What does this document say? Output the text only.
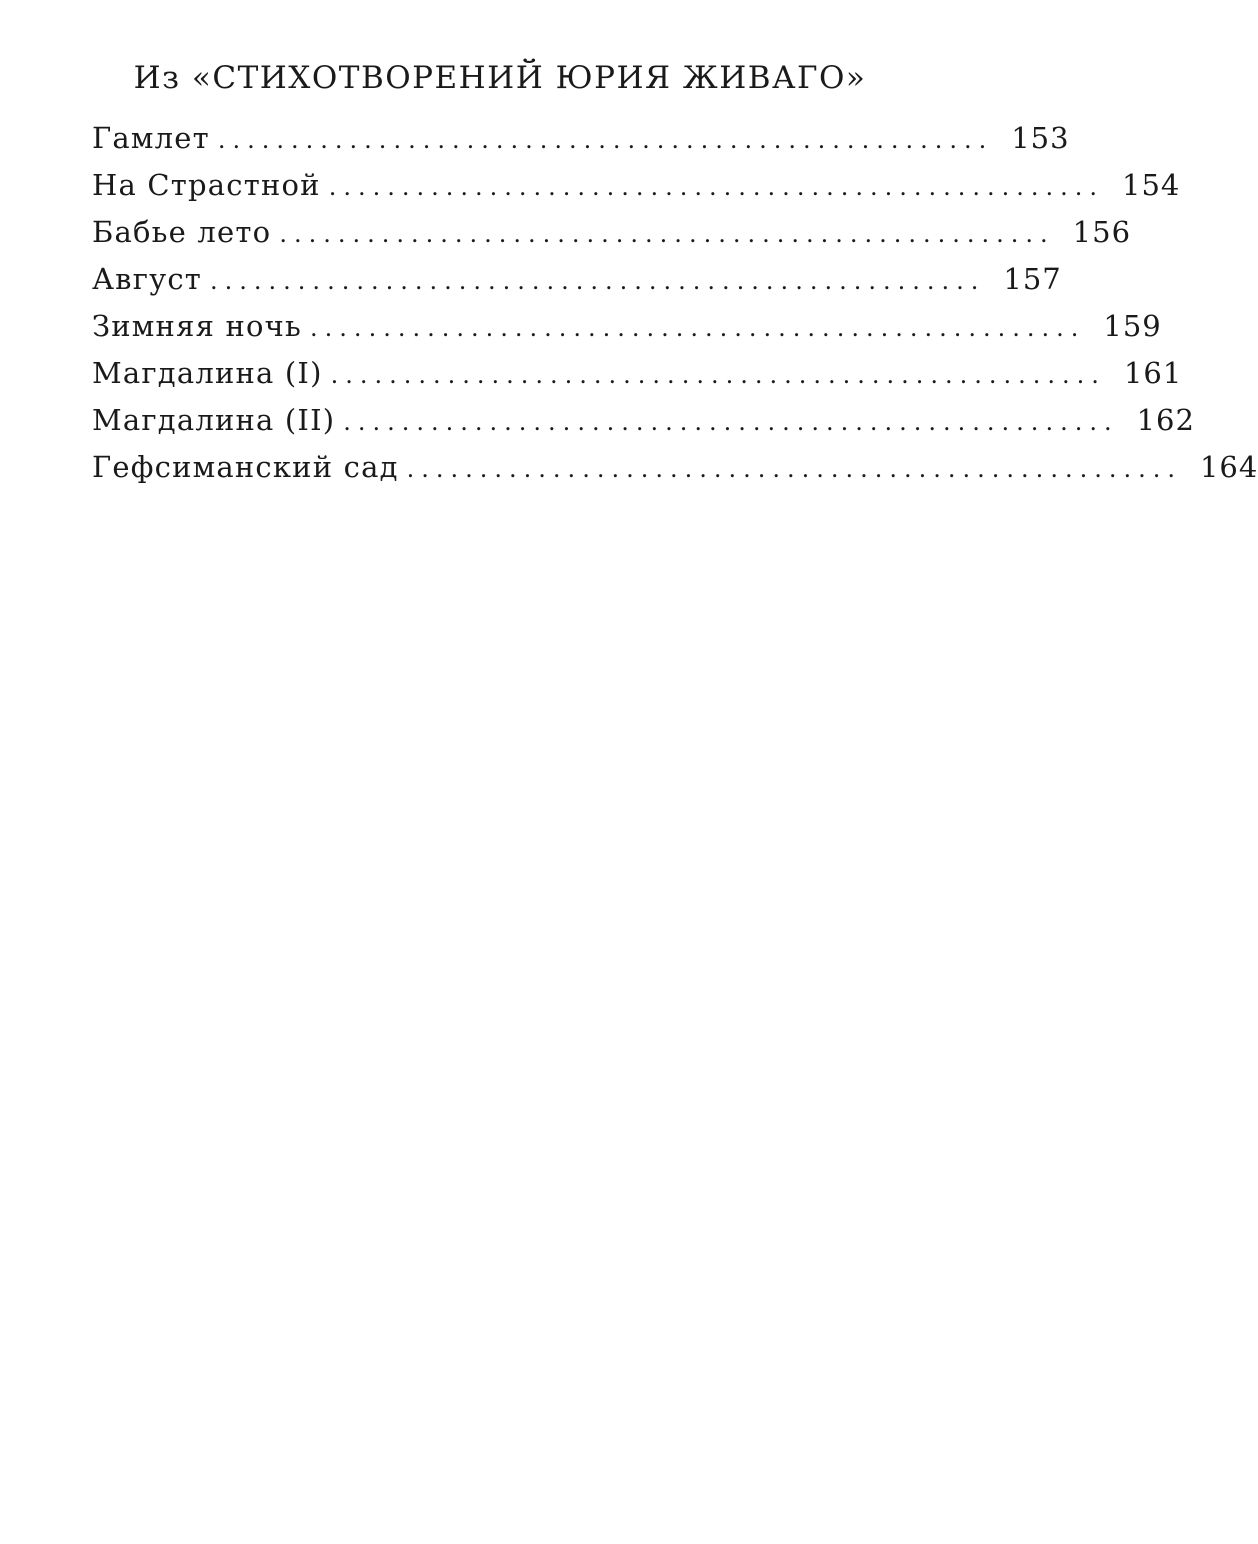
Из «СТИХОТВОРЕНИЙ ЮРИЯ ЖИВАГО»
Гамлет ..................................................... 153
На Страстной ..................................................... 154
Бабье лето ..................................................... 156
Август ..................................................... 157
Зимняя ночь ..................................................... 159
Магдалина (I) ..................................................... 161
Магдалина (II) ..................................................... 162
Гефсиманский сад ..................................................... 164
